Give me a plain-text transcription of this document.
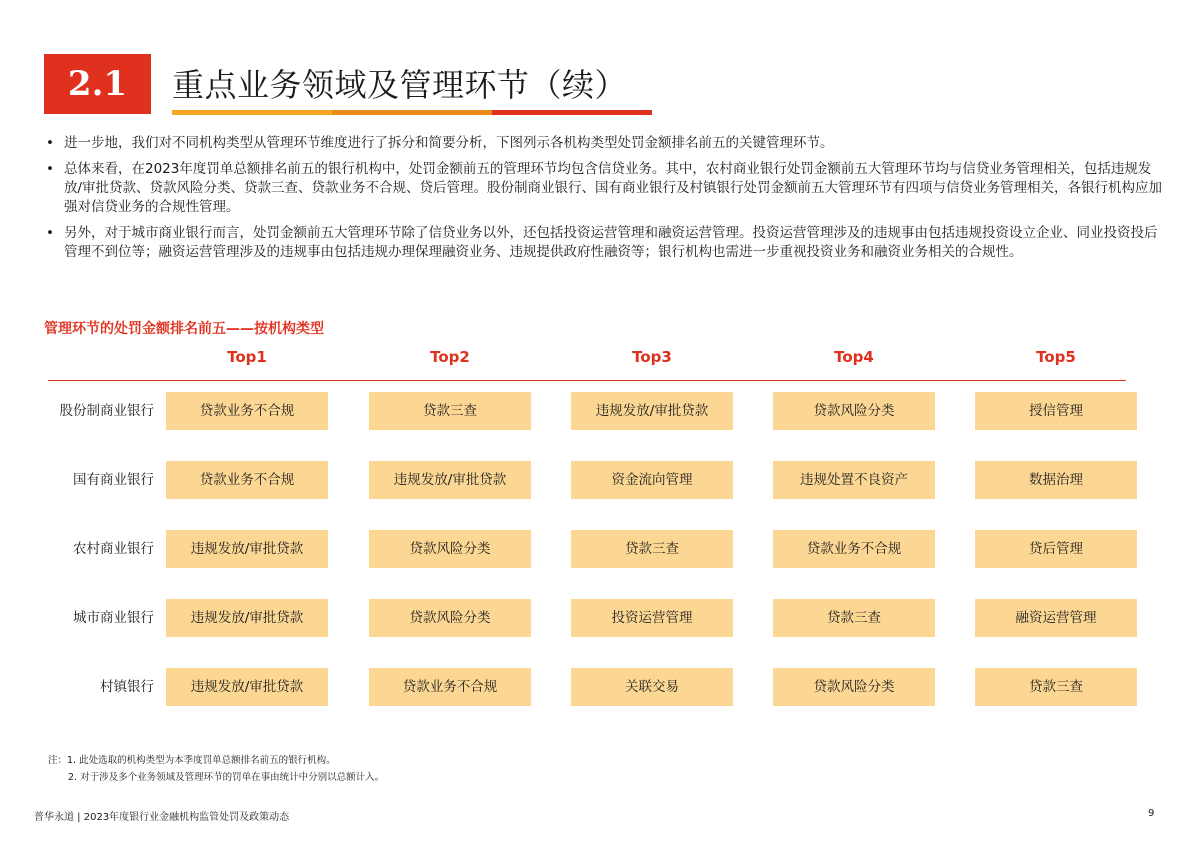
2.1	重点业务领域及管理环节（续）
• 进一步地，我们对不同机构类型从管理环节维度进行了拆分和简要分析，下图列示各机构类型处罚金额排名前五的关键管理环节。
• 总体来看，在2023年度罚单总额排名前五的银行机构中，处罚金额前五的管理环节均包含信贷业务。其中，农村商业银行处罚金额前五大管理环节均与信贷业务管理相关，包括违规发放/审批贷款、贷款风险分类、贷款三查、贷款业务不合规、贷后管理。股份制商业银行、国有商业银行及村镇银行处罚金额前五大管理环节有四项与信贷业务管理相关，各银行机构应加强对信贷业务的合规性管理。
• 另外，对于城市商业银行而言，处罚金额前五大管理环节除了信贷业务以外，还包括投资运营管理和融资运营管理。投资运营管理涉及的违规事由包括违规投资设立企业、同业投资投后管理不到位等；融资运营管理涉及的违规事由包括违规办理保理融资业务、违规提供政府性融资等；银行机构也需进一步重视投资业务和融资业务相关的合规性。
管理环节的处罚金额排名前五——按机构类型
Top1	Top2	Top3	Top4	Top5
股份制商业银行	贷款业务不合规	贷款三查	违规发放/审批贷款	贷款风险分类	授信管理
国有商业银行	贷款业务不合规	违规发放/审批贷款	资金流向管理	违规处置不良资产	数据治理
农村商业银行	违规发放/审批贷款	贷款风险分类	贷款三查	贷款业务不合规	贷后管理
城市商业银行	违规发放/审批贷款	贷款风险分类	投资运营管理	贷款三查	融资运营管理
村镇银行	违规发放/审批贷款	贷款业务不合规	关联交易	贷款风险分类	贷款三查
注：1. 此处选取的机构类型为本季度罚单总额排名前五的银行机构。
2. 对于涉及多个业务领域及管理环节的罚单在事由统计中分别以总额计入。
普华永道 | 2023年度银行业金融机构监管处罚及政策动态	9
